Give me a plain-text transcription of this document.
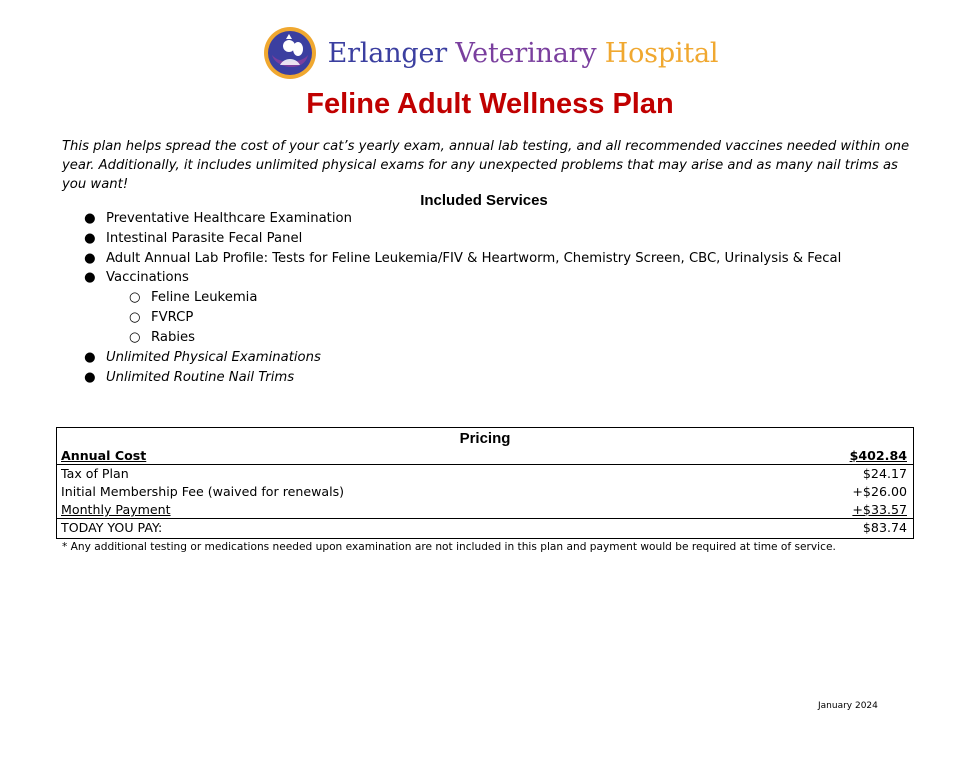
Erlanger Veterinary Hospital
Feline Adult Wellness Plan
This plan helps spread the cost of your cat’s yearly exam, annual lab testing, and all recommended vaccines needed within one year. Additionally, it includes unlimited physical exams for any unexpected problems that may arise and as many nail trims as you want!
Included Services
● Preventative Healthcare Examination
● Intestinal Parasite Fecal Panel
● Adult Annual Lab Profile: Tests for Feline Leukemia/FIV & Heartworm, Chemistry Screen, CBC, Urinalysis & Fecal
● Vaccinations
○ Feline Leukemia
○ FVRCP
○ Rabies
● Unlimited Physical Examinations
● Unlimited Routine Nail Trims
Pricing
Annual Cost	$402.84
Tax of Plan	$24.17
Initial Membership Fee (waived for renewals)	+$26.00
Monthly Payment	+$33.57
TODAY YOU PAY:	$83.74
* Any additional testing or medications needed upon examination are not included in this plan and payment would be required at time of service.
January 2024
